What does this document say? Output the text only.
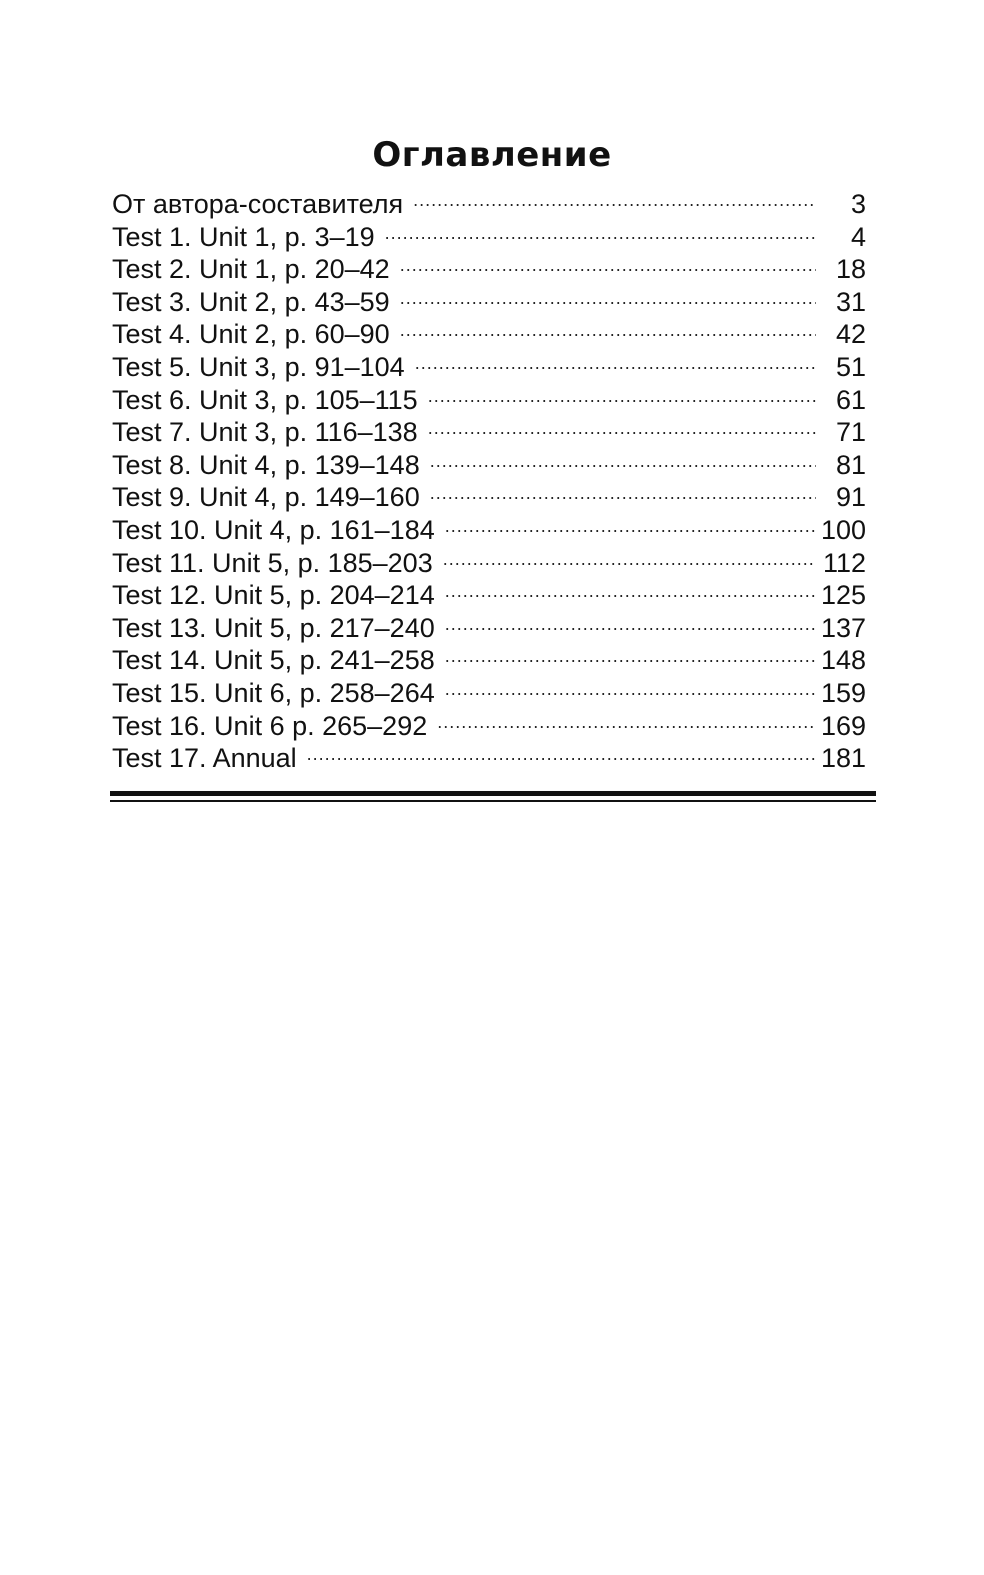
Оглавление
От автора-составителя .....	3
Test 1. Unit 1, p. 3–19 .....	4
Test 2. Unit 1, p. 20–42 .....	18
Test 3. Unit 2, p. 43–59 .....	31
Test 4. Unit 2, p. 60–90 .....	42
Test 5. Unit 3, p. 91–104 .....	51
Test 6. Unit 3, p. 105–115 .....	61
Test 7. Unit 3, p. 116–138 .....	71
Test 8. Unit 4, p. 139–148 .....	81
Test 9. Unit 4, p. 149–160 .....	91
Test 10. Unit 4, p. 161–184 .....	100
Test 11. Unit 5, p. 185–203 .....	112
Test 12. Unit 5, p. 204–214 .....	125
Test 13. Unit 5, p. 217–240 .....	137
Test 14. Unit 5, p. 241–258 .....	148
Test 15. Unit 6, p. 258–264 .....	159
Test 16. Unit 6 p. 265–292 .....	169
Test 17. Annual .....	181
